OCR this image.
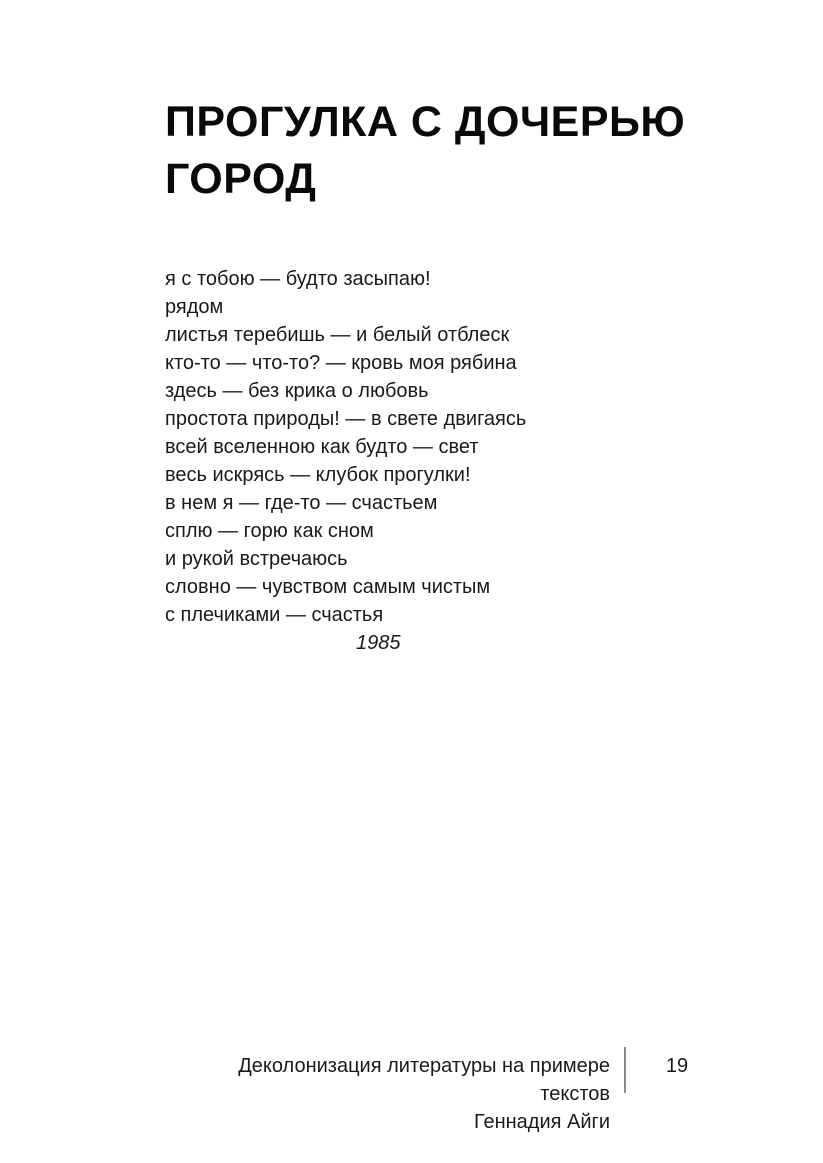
ПРОГУЛКА С ДОЧЕРЬЮ
ГОРОД
я с тобою — будто засыпаю!
рядом
листья теребишь — и белый отблеск
кто-то — что-то? — кровь моя рябина
здесь — без крика о любовь
простота природы! — в свете двигаясь
всей вселенною как будто — свет
весь искрясь — клубок прогулки!
в нем я — где-то — счастьем
сплю — горю как сном
и рукой встречаюсь
словно — чувством самым чистым
с плечиками — счастья
1985
Деколонизация литературы на примере текстов
Геннадия Айги
19
